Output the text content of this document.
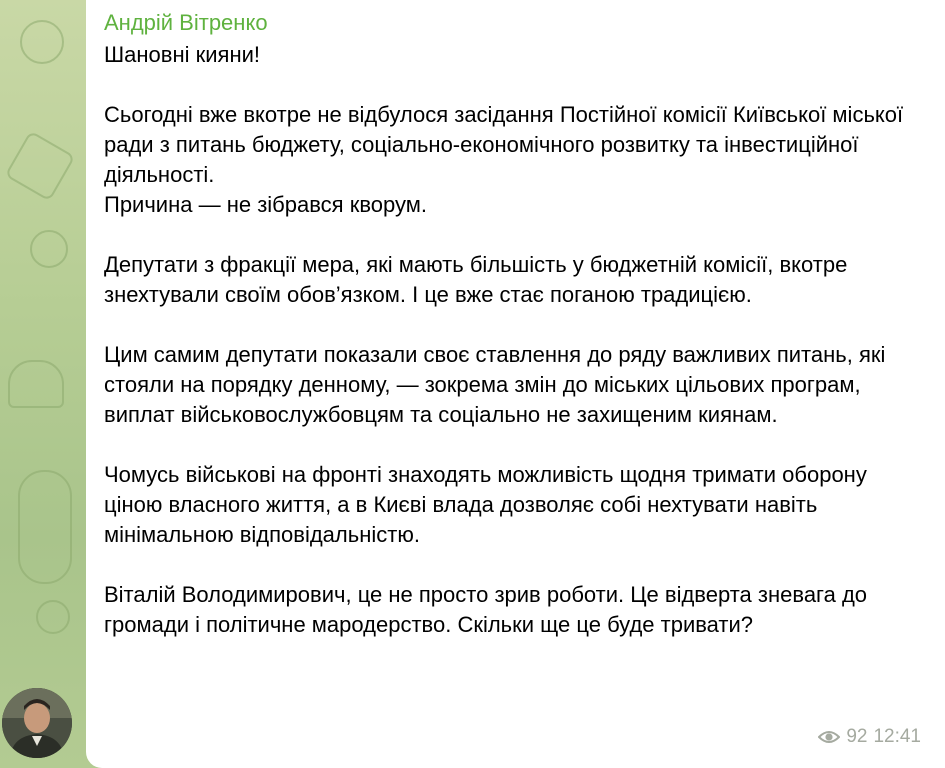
Андрій Вітренко

Шановні кияни!

Сьогодні вже вкотре не відбулося засідання Постійної комісії Київської міської ради з питань бюджету, соціально-економічного розвитку та інвестиційної діяльності.
Причина — не зібрався кворум.

Депутати з фракції мера, які мають більшість у бюджетній комісії, вкотре знехтували своїм обов’язком. І це вже стає поганою традицією.

Цим самим депутати показали своє ставлення до ряду важливих питань, які стояли на порядку денному, — зокрема змін до міських цільових програм, виплат військовослужбовцям та соціально не захищеним киянам.

Чомусь військові на фронті знаходять можливість щодня тримати оборону ціною власного життя, а в Києві влада дозволяє собі нехтувати навіть мінімальною відповідальністю.

Віталій Володимирович, це не просто зрив роботи. Це відверта зневага до громади і політичне мародерство. Скільки ще це буде тривати?

92 12:41
